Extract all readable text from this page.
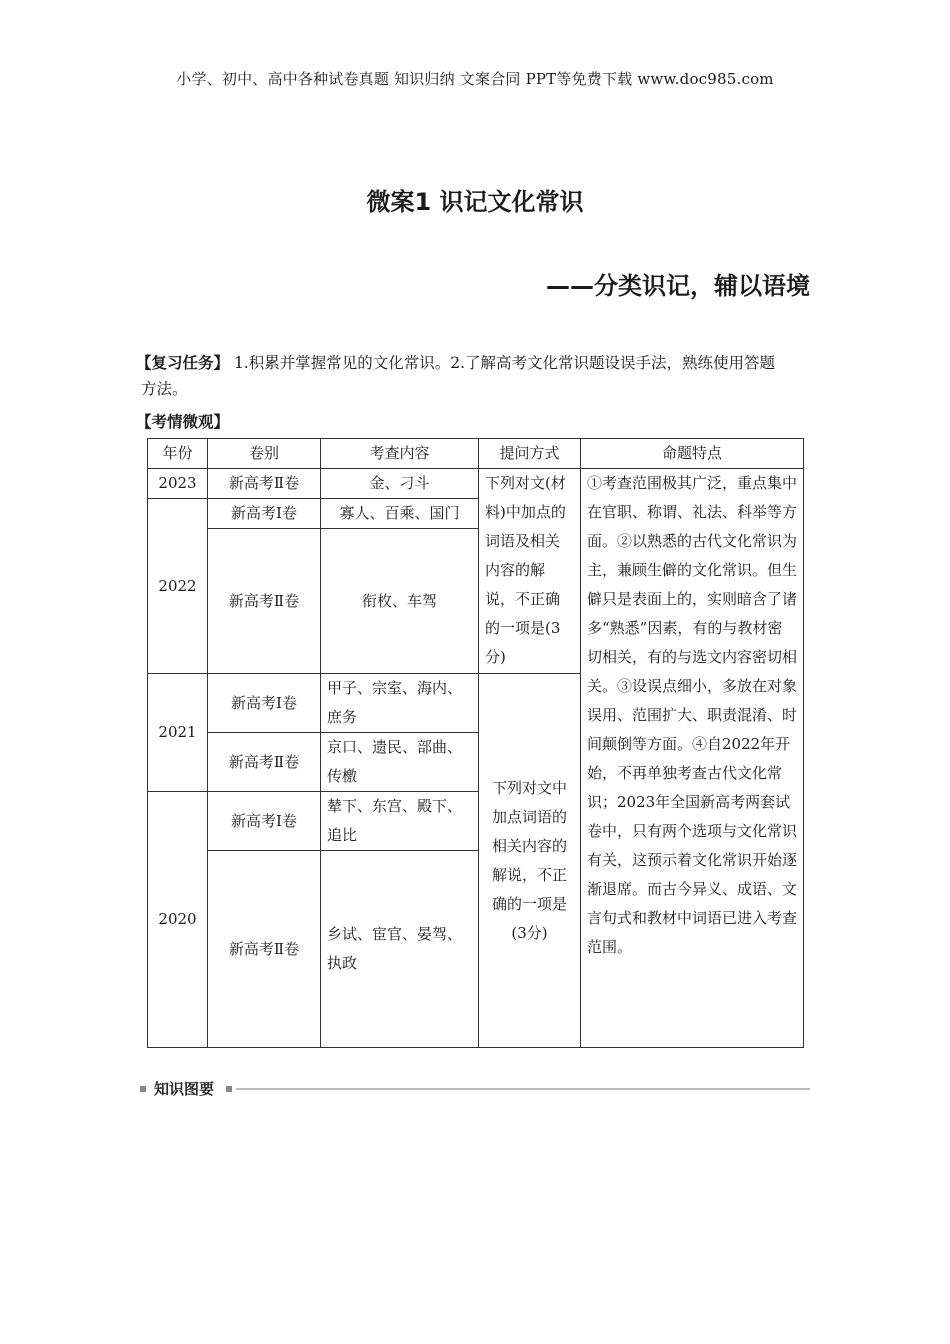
小学、初中、高中各种试卷真题 知识归纳 文案合同 PPT等免费下载 www.doc985.com
微案1 识记文化常识
——分类识记，辅以语境
【复习任务】 1.积累并掌握常见的文化常识。2.了解高考文化常识题设误手法，熟练使用答题
方法。
【考情微观】
年份	卷别	考查内容	提问方式	命题特点
2023	新高考Ⅱ卷	金、刁斗	下列对文(材料)中加点的词语及相关内容的解说，不正确的一项是(3分)	①考查范围极其广泛，重点集中在官职、称谓、礼法、科举等方面。②以熟悉的古代文化常识为主，兼顾生僻的文化常识。但生僻只是表面上的，实则暗含了诸多“熟悉”因素，有的与教材密切相关，有的与选文内容密切相关。③设误点细小，多放在对象误用、范围扩大、职责混淆、时间颠倒等方面。④自2022年开始，不再单独考查古代文化常识；2023年全国新高考两套试卷中，只有两个选项与文化常识有关，这预示着文化常识开始逐渐退席。而古今异义、成语、文言句式和教材中词语已进入考查范围。
2022	新高考Ⅰ卷	寡人、百乘、国门		
	新高考Ⅱ卷	衔枚、车驾		
2021	新高考Ⅰ卷	甲子、宗室、海内、庶务	下列对文中加点词语的相关内容的解说，不正确的一项是(3分)	
	新高考Ⅱ卷	京口、遗民、部曲、传檄		
2020	新高考Ⅰ卷	辇下、东宫、殿下、追比		
	新高考Ⅱ卷	乡试、宦官、晏驾、执政		
知识图要
